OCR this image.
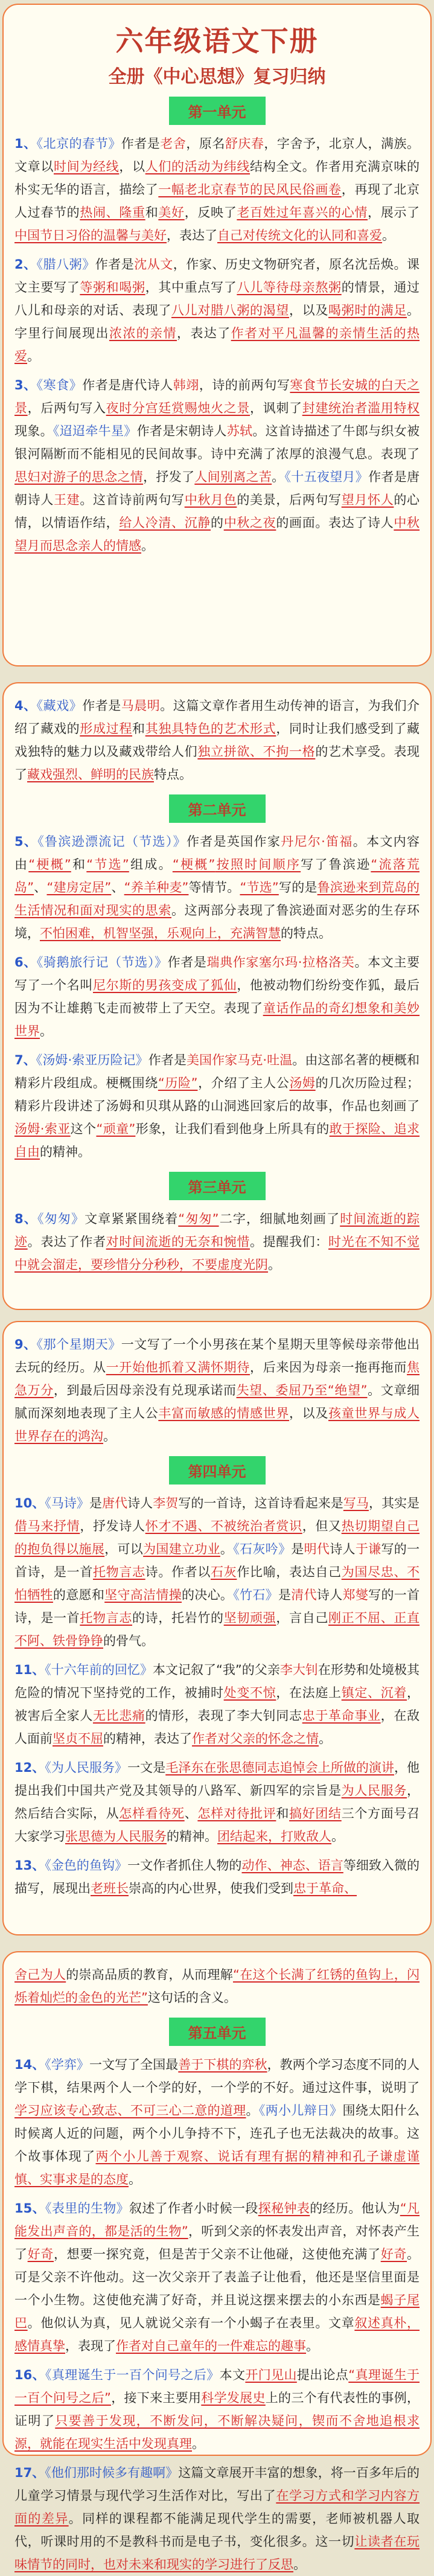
六年级语文下册
全册《中心思想》复习归纳
第一单元

1、《北京的春节》作者是老舍，原名舒庆春，字舍予，北京人，满族。文章以时间为经线，以人们的活动为纬线结构全文。作者用充满京味的朴实无华的语言，描绘了一幅老北京春节的民风民俗画卷，再现了北京人过春节的热闹、隆重和美好，反映了老百姓过年喜兴的心情，展示了中国节日习俗的温馨与美好，表达了自己对传统文化的认同和喜爱。

2、《腊八粥》作者是沈从文，作家、历史文物研究者，原名沈岳焕。课文主要写了等粥和喝粥，其中重点写了八儿等待母亲熬粥的情景，通过八儿和母亲的对话、表现了八儿对腊八粥的渴望，以及喝粥时的满足。字里行间展现出浓浓的亲情，表达了作者对平凡温馨的亲情生活的热爱。

3、《寒食》作者是唐代诗人韩翊，诗的前两句写寒食节长安城的白天之景，后两句写入夜时分宫廷赏赐烛火之景，讽刺了封建统治者滥用特权现象。《迢迢牵牛星》作者是宋朝诗人苏轼。这首诗描述了牛郎与织女被银河隔断而不能相见的民间故事。诗中充满了浓厚的浪漫气息。表现了思妇对游子的思念之情，抒发了人间别离之苦。《十五夜望月》作者是唐朝诗人王建。这首诗前两句写中秋月色的美景，后两句写望月怀人的心情，以情语作结，给人冷清、沉静的中秋之夜的画面。表达了诗人中秋望月而思念亲人的情感。

4、《藏戏》作者是马晨明。这篇文章作者用生动传神的语言，为我们介绍了藏戏的形成过程和其独具特色的艺术形式，同时让我们感受到了藏戏独特的魅力以及藏戏带给人们独立拼欲、不拘一格的艺术享受。表现了藏戏强烈、鲜明的民族特点。

第二单元

5、《鲁滨逊漂流记（节选）》作者是英国作家丹尼尔·笛福。本文内容由“梗概”和“节选”组成。“梗概”按照时间顺序写了鲁滨逊“流落荒岛”、“建房定居”、“养羊种麦”等情节。“节选”写的是鲁滨逊来到荒岛的生活情况和面对现实的思索。这两部分表现了鲁滨逊面对恶劣的生存环境，不怕困难，机智坚强，乐观向上，充满智慧的特点。

6、《骑鹅旅行记（节选）》作者是瑞典作家塞尔玛·拉格洛芙。本文主要写了一个名叫尼尔斯的男孩变成了狐仙，他被动物们纷纷变作狐，最后因为不让雄鹅飞走而被带上了天空。表现了童话作品的奇幻想象和美妙世界。

7、《汤姆·索亚历险记》作者是美国作家马克·吐温。由这部名著的梗概和精彩片段组成。梗概围绕“历险”，介绍了主人公汤姆的几次历险过程；精彩片段讲述了汤姆和贝琪从路的山洞逃回家后的故事，作品也刻画了汤姆·索亚这个“顽童”形象，让我们看到他身上所具有的敢于探险、追求自由的精神。

第三单元

8、《匆匆》文章紧紧围绕着“匆匆”二字，细腻地刻画了时间流逝的踪迹。表达了作者对时间流逝的无奈和惋惜。提醒我们：时光在不知不觉中就会溜走，要珍惜分分秒秒，不要虚度光阴。

9、《那个星期天》一文写了一个小男孩在某个星期天里等候母亲带他出去玩的经历。从一开始他抓着又满怀期待，后来因为母亲一拖再拖而焦急万分，到最后因母亲没有兑现承诺而失望、委屈乃至“绝望”。文章细腻而深刻地表现了主人公丰富而敏感的情感世界，以及孩童世界与成人世界存在的鸿沟。

第四单元

10、《马诗》是唐代诗人李贺写的一首诗，这首诗看起来是写马，其实是借马来抒情，抒发诗人怀才不遇、不被统治者赏识，但又热切期望自己的抱负得以施展，可以为国建立功业。《石灰吟》是明代诗人于谦写的一首诗，是一首托物言志诗。作者以石灰作比喻，表达自己为国尽忠、不怕牺牲的意愿和坚守高洁情操的决心。《竹石》是清代诗人郑燮写的一首诗，是一首托物言志的诗，托岩竹的坚韧顽强，言自己刚正不屈、正直不阿、铁骨铮铮的骨气。

11、《十六年前的回忆》本文记叙了“我”的父亲李大钊在形势和处境极其危险的情况下坚持党的工作，被捕时处变不惊，在法庭上镇定、沉着，被害后全家人无比悲痛的情形，表现了李大钊同志忠于革命事业，在敌人面前坚贞不屈的精神，表达了作者对父亲的怀念之情。

12、《为人民服务》一文是毛泽东在张思德同志追悼会上所做的演讲，他提出我们中国共产党及其领导的八路军、新四军的宗旨是为人民服务，然后结合实际，从怎样看待死、怎样对待批评和搞好团结三个方面号召大家学习张思德为人民服务的精神。团结起来，打败敌人。

13、《金色的鱼钩》一文作者抓住人物的动作、神态、语言等细致入微的描写，展现出老班长崇高的内心世界，使我们受到忠于革命、

舍己为人的崇高品质的教育，从而理解“在这个长满了红锈的鱼钩上，闪烁着灿烂的金色的光芒”这句话的含义。

第五单元

14、《学弈》一文写了全国最善于下棋的弈秋，教两个学习态度不同的人学下棋，结果两个人一个学的好，一个学的不好。通过这件事，说明了学习应该专心致志、不可三心二意的道理。《两小儿辩日》围绕太阳什么时候离人近的问题，两个小儿争持不下，连孔子也无法裁决的故事。这个故事体现了两个小儿善于观察、说话有理有据的精神和孔子谦虚谨慎、实事求是的态度。

15、《表里的生物》叙述了作者小时候一段探秘钟表的经历。他认为“凡能发出声音的，都是活的生物”，听到父亲的怀表发出声音，对怀表产生了好奇，想要一探究竟，但是苦于父亲不让他碰，这使他充满了好奇。可是父亲不许他动。这一次父亲开了表盖子让他看，他还是坚信里面是一个小生物。这使他充满了好奇，并且说这摆来摆去的小东西是蝎子尾巴。他似认为真，见人就说父亲有一个小蝎子在表里。文章叙述真朴，感情真挚，表现了作者对自己童年的一件难忘的趣事。

16、《真理诞生于一百个问号之后》本文开门见山提出论点“真理诞生于一百个问号之后”，接下来主要用科学发展史上的三个有代表性的事例，证明了只要善于发现，不断发问，不断解决疑问，锲而不舍地追根求源，就能在现实生活中发现真理。

17、《他们那时候多有趣啊》这篇文章展开丰富的想象，将一百多年后的儿童学习情景与现代学习生活作对比，写出了在学习方式和学习内容方面的差异。同样的课程都不能满足现代学生的需要，老师被机器人取代，听课时用的不是教科书而是电子书，变化很多。这一切让读者在玩味情节的同时，也对未来和现实的学习进行了反思。
